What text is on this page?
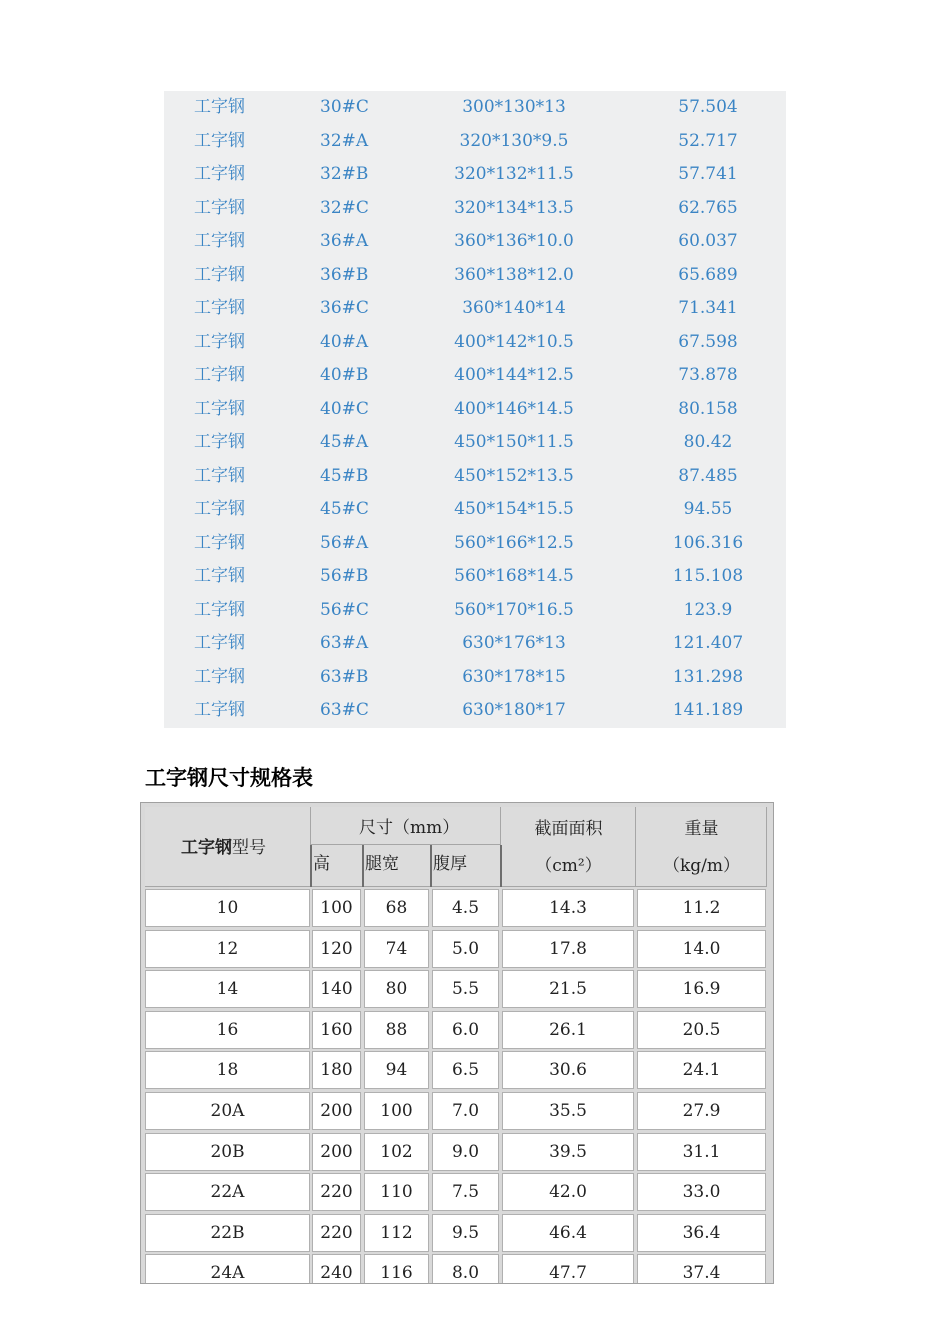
工字钢	30#C	300*130*13	57.504
工字钢	32#A	320*130*9.5	52.717
工字钢	32#B	320*132*11.5	57.741
工字钢	32#C	320*134*13.5	62.765
工字钢	36#A	360*136*10.0	60.037
工字钢	36#B	360*138*12.0	65.689
工字钢	36#C	360*140*14	71.341
工字钢	40#A	400*142*10.5	67.598
工字钢	40#B	400*144*12.5	73.878
工字钢	40#C	400*146*14.5	80.158
工字钢	45#A	450*150*11.5	80.42
工字钢	45#B	450*152*13.5	87.485
工字钢	45#C	450*154*15.5	94.55
工字钢	56#A	560*166*12.5	106.316
工字钢	56#B	560*168*14.5	115.108
工字钢	56#C	560*170*16.5	123.9
工字钢	63#A	630*176*13	121.407
工字钢	63#B	630*178*15	131.298
工字钢	63#C	630*180*17	141.189
工字钢尺寸规格表
工字钢型号
尺寸（mm）
高 腿宽 腹厚
截面面积
（cm²）
重量
（kg/m）
10	100	68	4.5	14.3	11.2
12	120	74	5.0	17.8	14.0
14	140	80	5.5	21.5	16.9
16	160	88	6.0	26.1	20.5
18	180	94	6.5	30.6	24.1
20A	200	100	7.0	35.5	27.9
20B	200	102	9.0	39.5	31.1
22A	220	110	7.5	42.0	33.0
22B	220	112	9.5	46.4	36.4
24A	240	116	8.0	47.7	37.4
